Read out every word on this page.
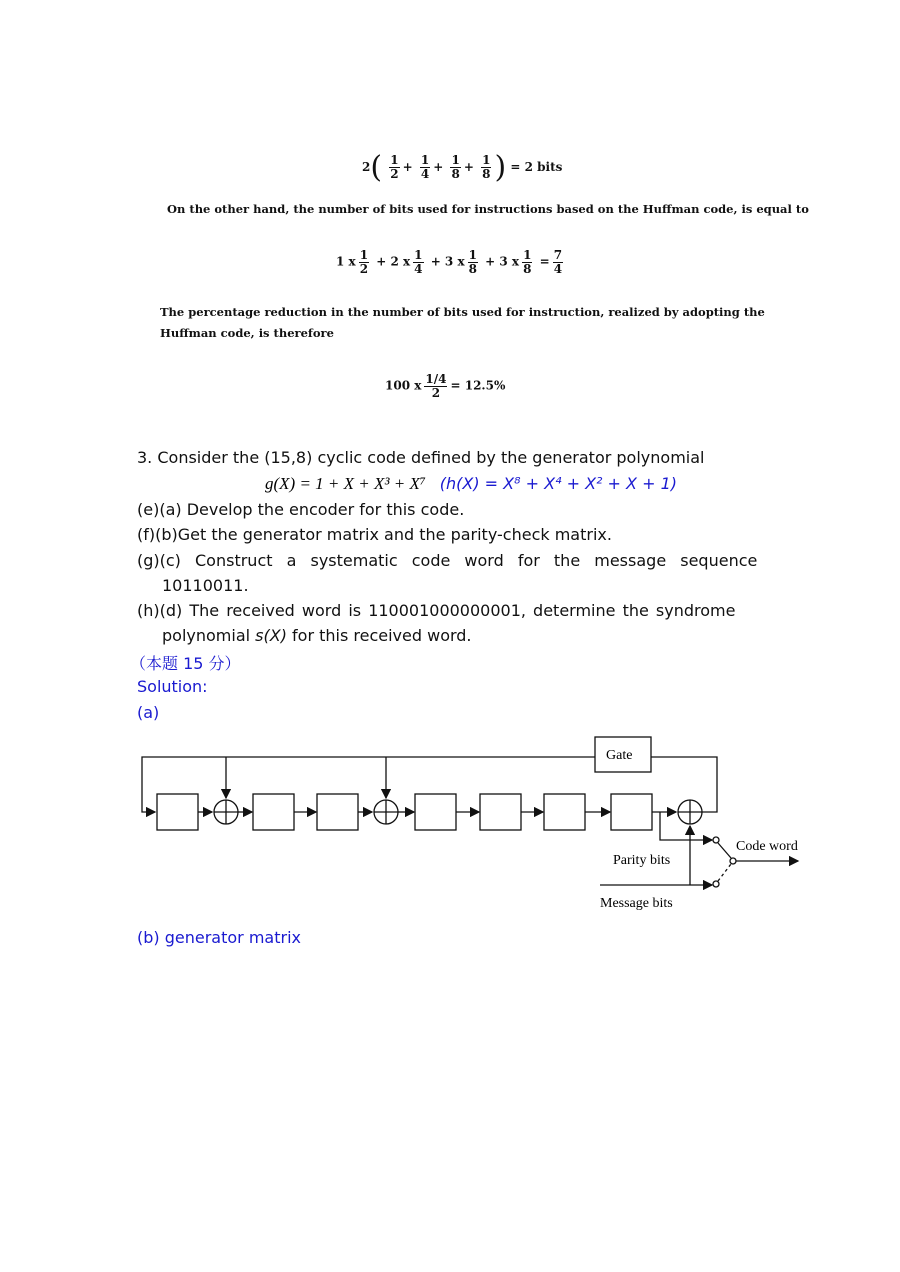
$2( \frac{1}{2} + \frac{1}{4} + \frac{1}{8} + \frac{1}{8}$ ) = 2 bits
On the other hand, the number of bits used for instructions based on the Huffman code, is equal to
1 x $\frac{1}{2} + 2$ x $\frac{1}{4} + 3$ x $\frac{1}{8} + 3$ x $\frac{1}{8} = \frac{7}{4}$
The percentage reduction in the number of bits used for instruction, realized by adopting the
Huffman code, is therefore
100 x $\frac{1/4}{2} = 12.5\%$
3. Consider the (15,8) cyclic code defined by the generator polynomial
g(X) = 1 + X + X³ + X⁷ (h(X) = X⁸ + X⁴ + X² + X + 1)
(e)(a) Develop the encoder for this code.
(f)(b)Get the generator matrix and the parity-check matrix.
(g)(c) Construct a systematic code word for the message sequence
10110011.
(h)(d) The received word is 110001000000001, determine the syndrome
polynomial s(X) for this received word.
（本题 15 分）
Solution:
(a)
Gate
Code word
Parity bits
Message bits
(b) generator matrix
